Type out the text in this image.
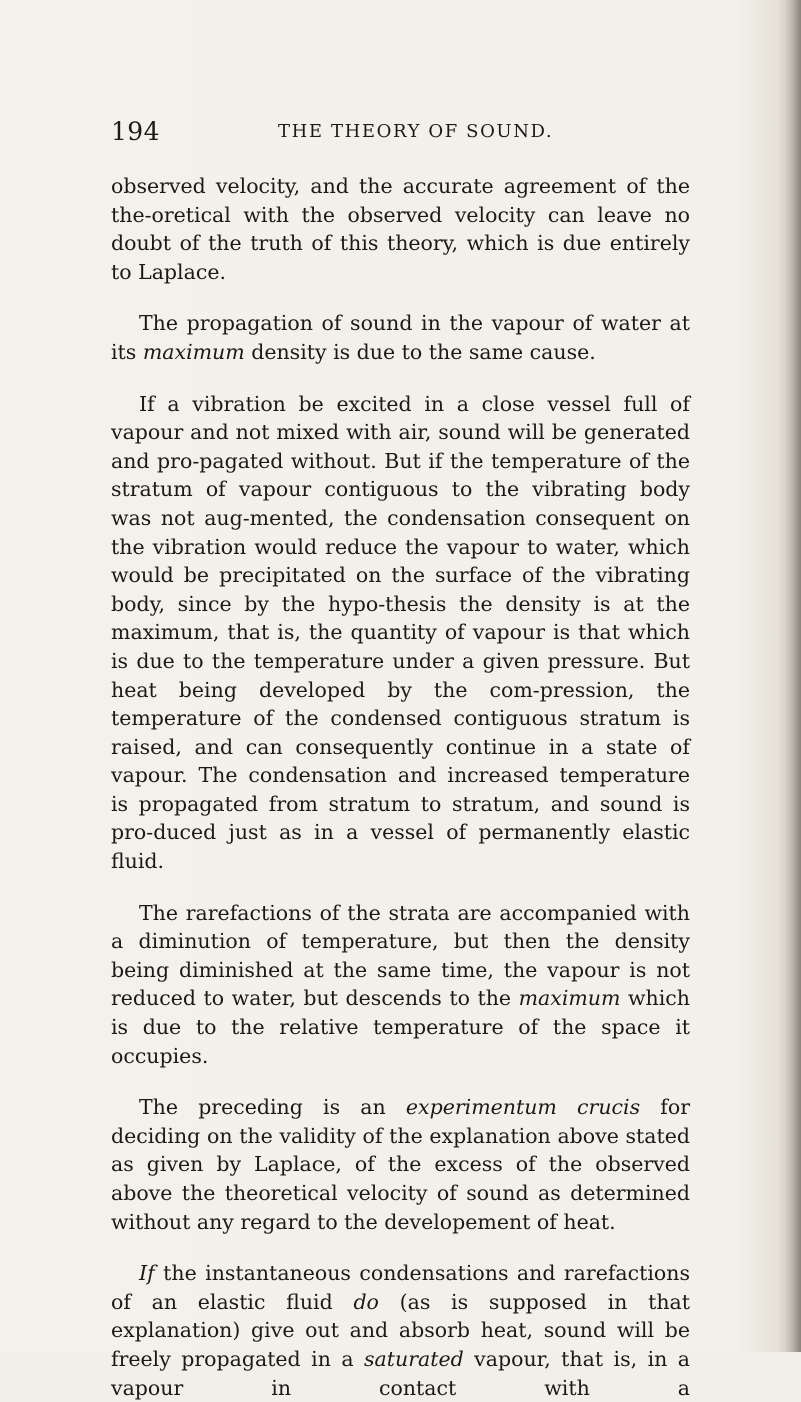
194	THE THEORY OF SOUND.

observed velocity, and the accurate agreement of the the-oretical with the observed velocity can leave no doubt of the truth of this theory, which is due entirely to Laplace.

The propagation of sound in the vapour of water at its maximum density is due to the same cause.

If a vibration be excited in a close vessel full of vapour and not mixed with air, sound will be generated and pro-pagated without. But if the temperature of the stratum of vapour contiguous to the vibrating body was not aug-mented, the condensation consequent on the vibration would reduce the vapour to water, which would be precipitated on the surface of the vibrating body, since by the hypo-thesis the density is at the maximum, that is, the quantity of vapour is that which is due to the temperature under a given pressure. But heat being developed by the com-pression, the temperature of the condensed contiguous stratum is raised, and can consequently continue in a state of vapour. The condensation and increased temperature is propagated from stratum to stratum, and sound is pro-duced just as in a vessel of permanently elastic fluid.

The rarefactions of the strata are accompanied with a diminution of temperature, but then the density being diminished at the same time, the vapour is not reduced to water, but descends to the maximum which is due to the relative temperature of the space it occupies.

The preceding is an experimentum crucis for deciding on the validity of the explanation above stated as given by Laplace, of the excess of the observed above the theoretical velocity of sound as determined without any regard to the developement of heat.

If the instantaneous condensations and rarefactions of an elastic fluid do (as is supposed in that explanation) give out and absorb heat, sound will be freely propagated in a saturated vapour, that is, in a vapour in contact with a
